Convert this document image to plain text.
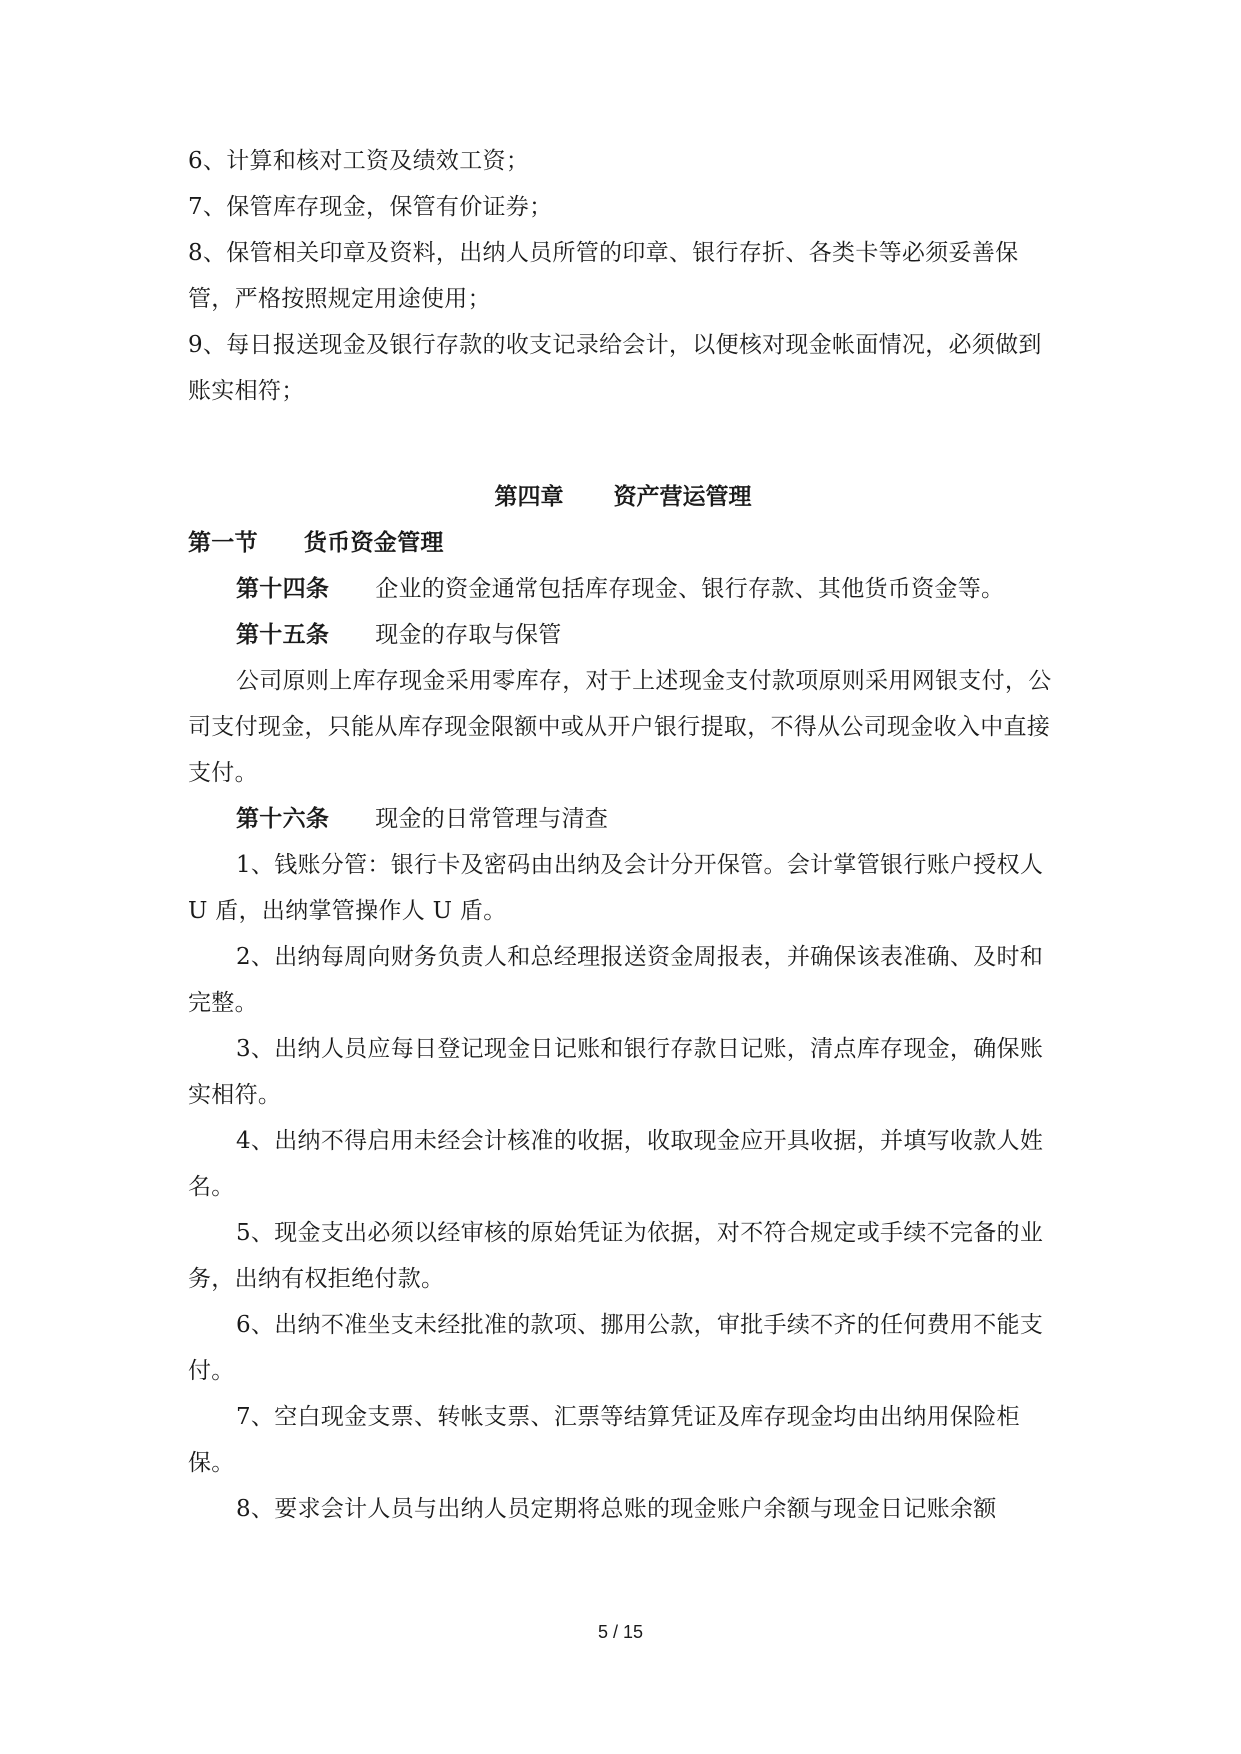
6、计算和核对工资及绩效工资；

7、保管库存现金，保管有价证券；

8、保管相关印章及资料，出纳人员所管的印章、银行存折、各类卡等必须妥善保管，严格按照规定用途使用；

9、每日报送现金及银行存款的收支记录给会计，以便核对现金帐面情况，必须做到账实相符；

第四章 资产营运管理

第一节 货币资金管理

第十四条 企业的资金通常包括库存现金、银行存款、其他货币资金等。

第十五条 现金的存取与保管

公司原则上库存现金采用零库存，对于上述现金支付款项原则采用网银支付，公司支付现金，只能从库存现金限额中或从开户银行提取，不得从公司现金收入中直接支付。

第十六条 现金的日常管理与清查

1、钱账分管：银行卡及密码由出纳及会计分开保管。会计掌管银行账户授权人 U 盾，出纳掌管操作人 U 盾。

2、出纳每周向财务负责人和总经理报送资金周报表，并确保该表准确、及时和完整。

3、出纳人员应每日登记现金日记账和银行存款日记账，清点库存现金，确保账实相符。

4、出纳不得启用未经会计核准的收据，收取现金应开具收据，并填写收款人姓名。

5、现金支出必须以经审核的原始凭证为依据，对不符合规定或手续不完备的业务，出纳有权拒绝付款。

6、出纳不准坐支未经批准的款项、挪用公款，审批手续不齐的任何费用不能支付。

7、空白现金支票、转帐支票、汇票等结算凭证及库存现金均由出纳用保险柜保。

8、要求会计人员与出纳人员定期将总账的现金账户余额与现金日记账余额

5 / 15
